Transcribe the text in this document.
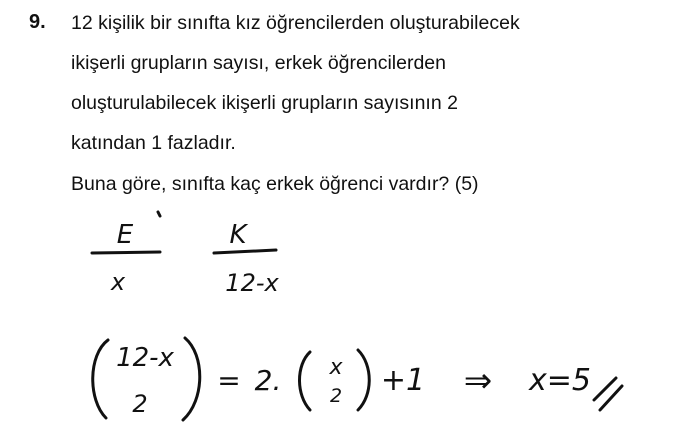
9. 12 kişilik bir sınıfta kız öğrencilerden oluşturabilecek
ikişerli grupların sayısı, erkek öğrencilerden
oluşturulabilecek ikişerli grupların sayısının 2
katından 1 fazladır.
Buna göre, sınıfta kaç erkek öğrenci vardır? (5)
E
x
K
12-x
12-x
2
= 2. x
2 +1 ⇒ x=5
